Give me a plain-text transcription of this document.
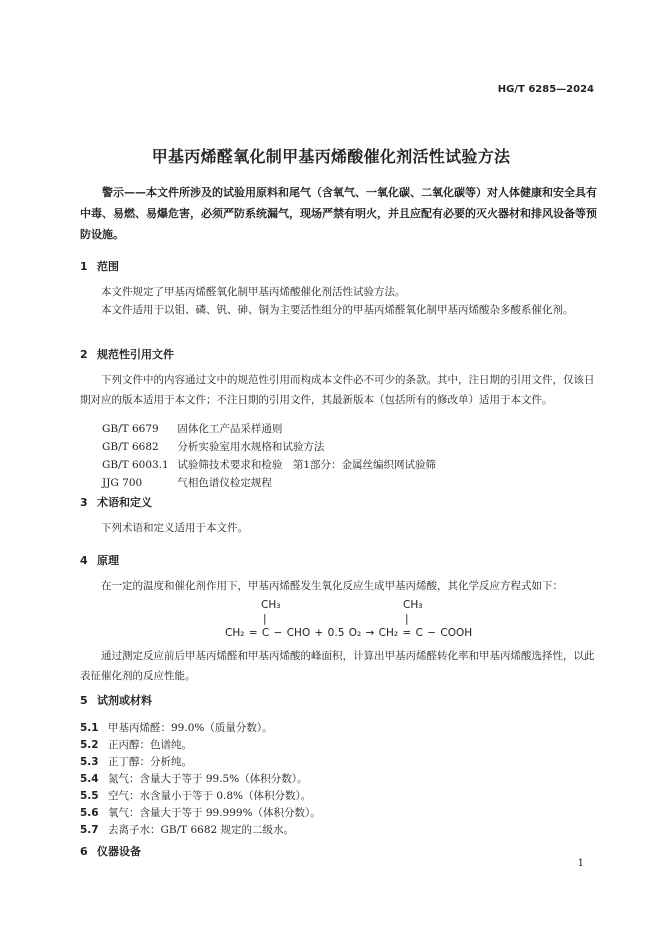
HG/T 6285—2024
甲基丙烯醛氧化制甲基丙烯酸催化剂活性试验方法
警示——本文件所涉及的试验用原料和尾气（含氧气、一氧化碳、二氧化碳等）对人体健康和安全具有中毒、易燃、易爆危害，必须严防系统漏气，现场严禁有明火，并且应配有必要的灭火器材和排风设备等预防设施。
1 范围
本文件规定了甲基丙烯醛氧化制甲基丙烯酸催化剂活性试验方法。
本文件适用于以钼、磷、钒、砷、铜为主要活性组分的甲基丙烯醛氧化制甲基丙烯酸杂多酸系催化剂。
2 规范性引用文件
下列文件中的内容通过文中的规范性引用而构成本文件必不可少的条款。其中，注日期的引用文件，仅该日期对应的版本适用于本文件；不注日期的引用文件，其最新版本（包括所有的修改单）适用于本文件。
GB/T 6679 固体化工产品采样通则
GB/T 6682 分析实验室用水规格和试验方法
GB/T 6003.1 试验筛技术要求和检验　第1部分：金属丝编织网试验筛
JJG 700	气相色谱仪检定规程
3 术语和定义
下列术语和定义适用于本文件。
4 原理
在一定的温度和催化剂作用下，甲基丙烯醛发生氧化反应生成甲基丙烯酸，其化学反应方程式如下：
CH₃	CH₃
|	|
CH₂ = C − CHO + 0.5 O₂ → CH₂ = C − COOH
通过测定反应前后甲基丙烯醛和甲基丙烯酸的峰面积，计算出甲基丙烯醛转化率和甲基丙烯酸选择性，以此表征催化剂的反应性能。
5 试剂或材料
5.1 甲基丙烯醛：99.0%（质量分数）。
5.2 正丙醇：色谱纯。
5.3 正丁醇：分析纯。
5.4 氮气：含量大于等于 99.5%（体积分数）。
5.5 空气：水含量小于等于 0.8%（体积分数）。
5.6 氧气：含量大于等于 99.999%（体积分数）。
5.7 去离子水：GB/T 6682 规定的二级水。
6 仪器设备
1
